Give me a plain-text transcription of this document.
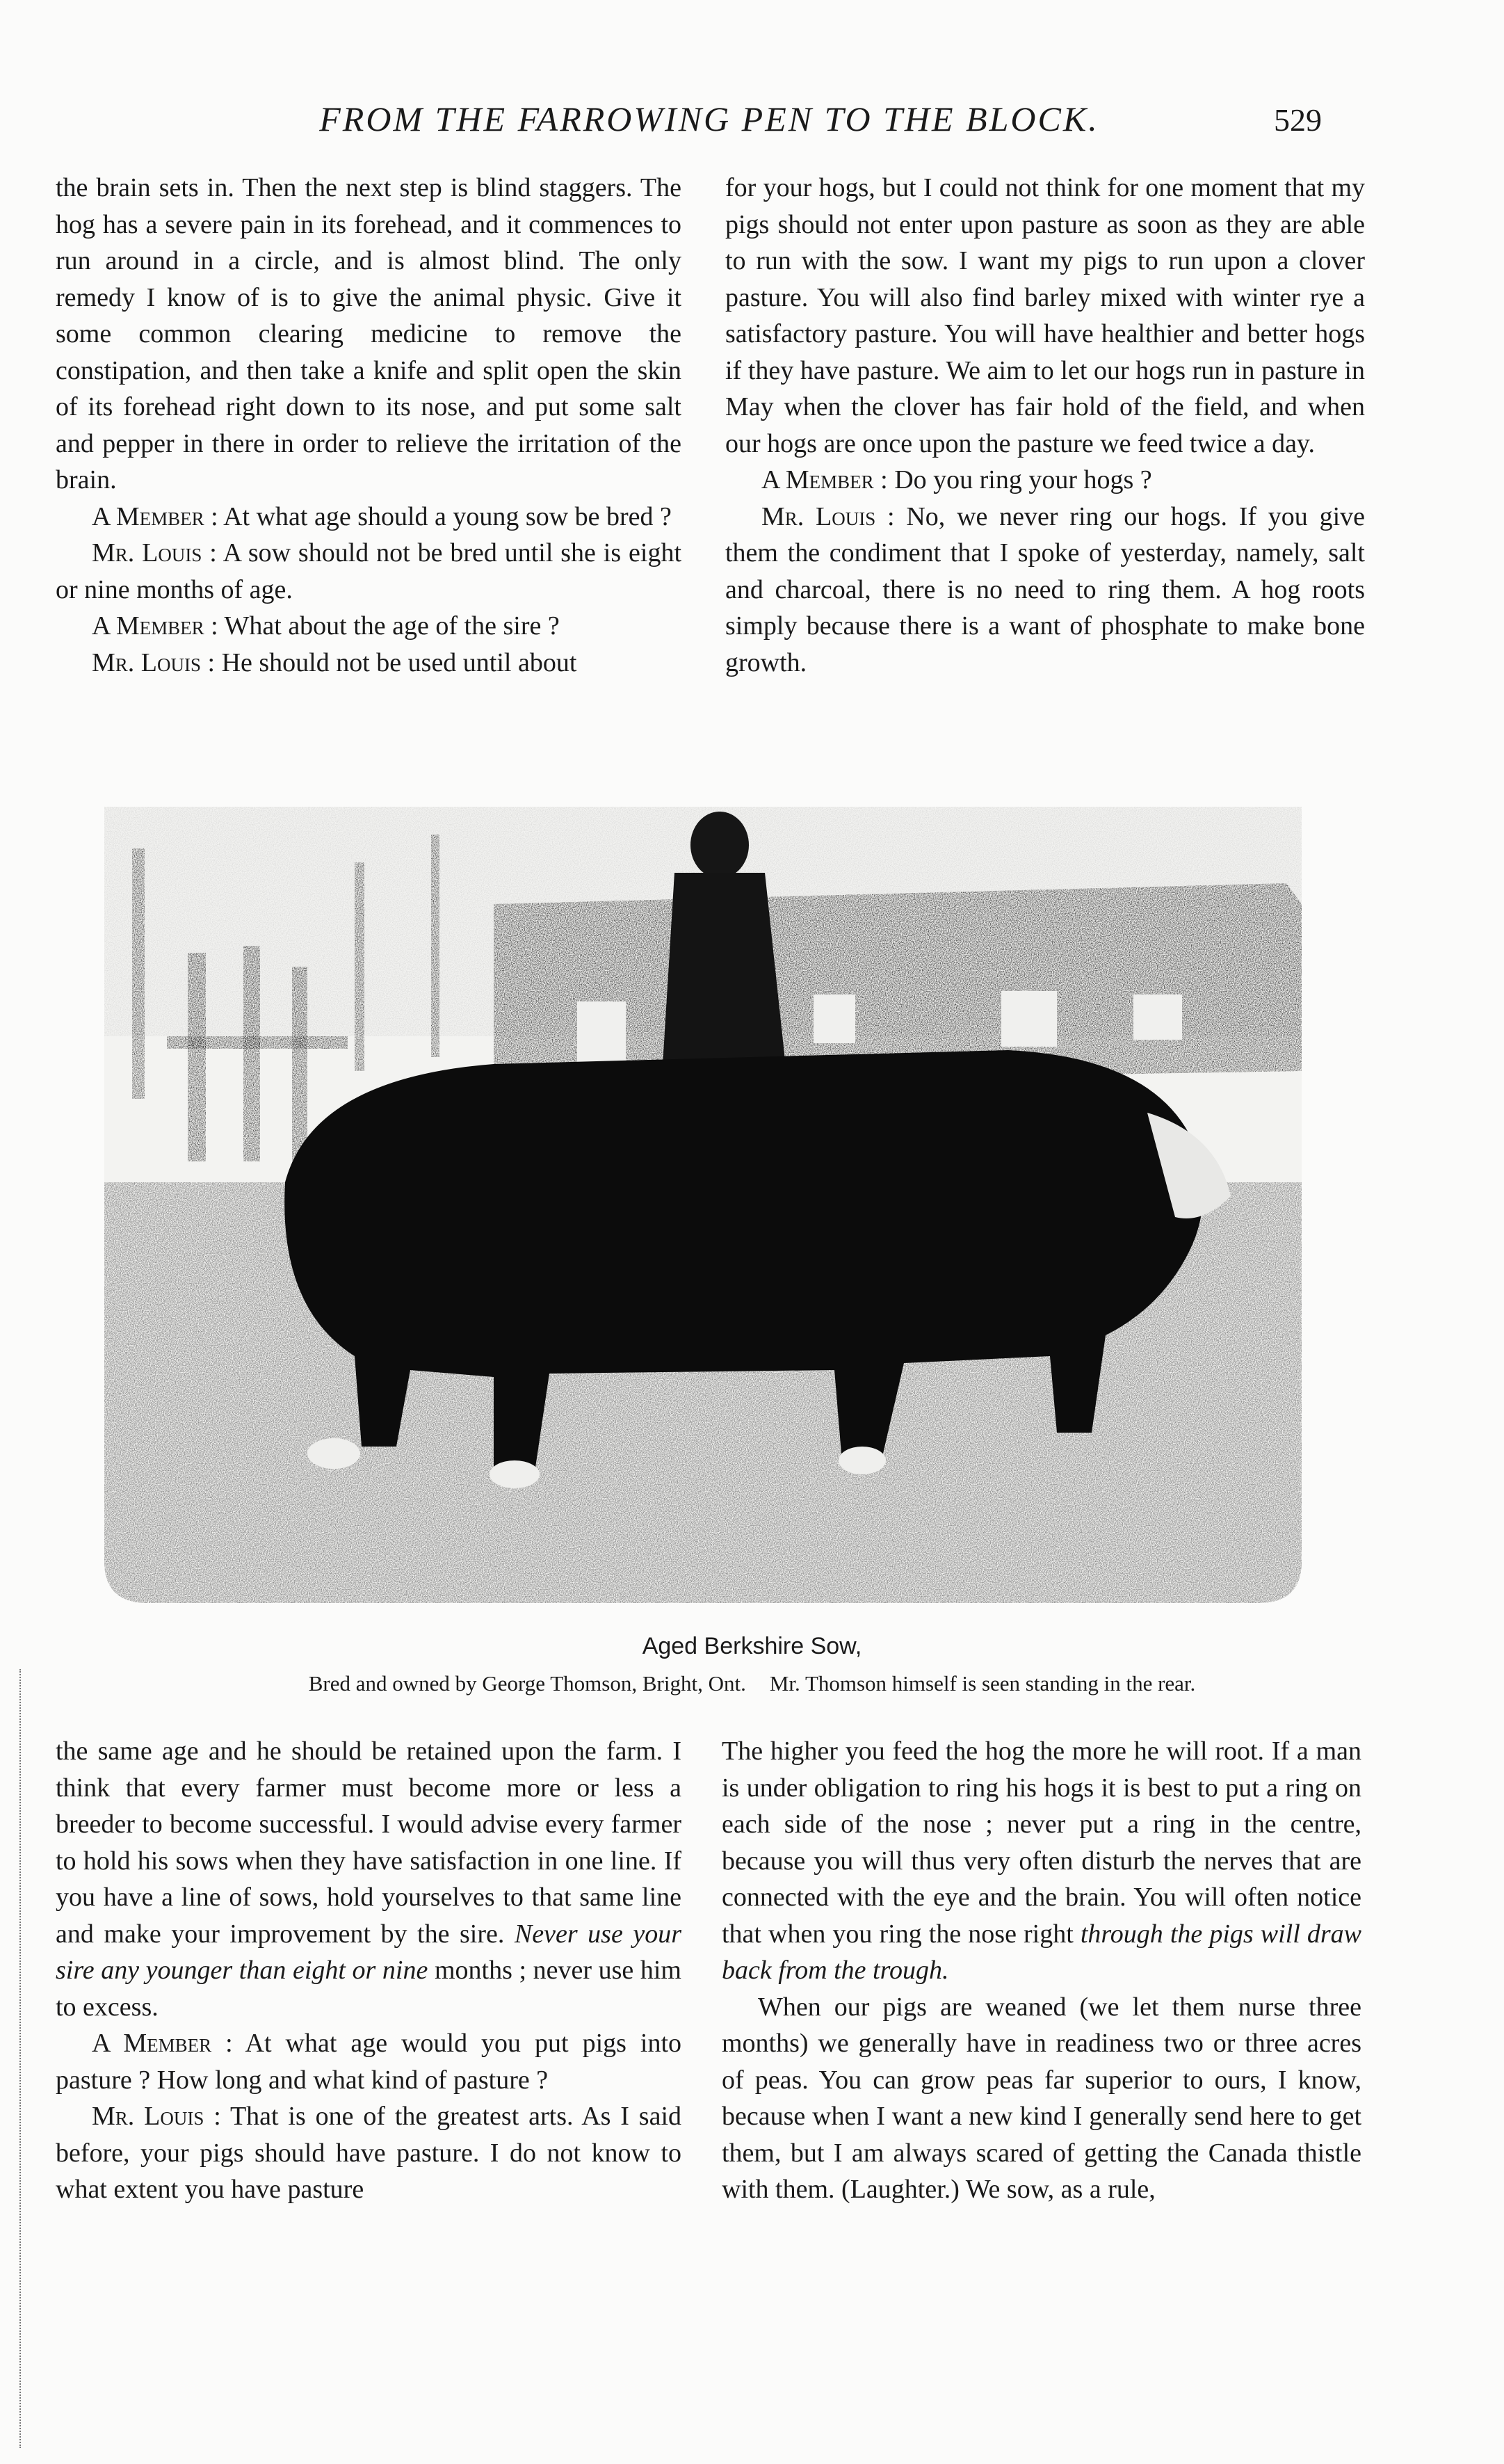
FROM THE FARROWING PEN TO THE BLOCK.	529

the brain sets in. Then the next step is blind staggers. The hog has a severe pain in its forehead, and it commences to run around in a circle, and is almost blind. The only remedy I know of is to give the animal physic. Give it some common clearing medicine to remove the constipation, and then take a knife and split open the skin of its forehead right down to its nose, and put some salt and pepper in there in order to relieve the irritation of the brain.

A Member : At what age should a young sow be bred ?

Mr. Louis : A sow should not be bred until she is eight or nine months of age.

A Member : What about the age of the sire ?

Mr. Louis : He should not be used until about

for your hogs, but I could not think for one moment that my pigs should not enter upon pasture as soon as they are able to run with the sow. I want my pigs to run upon a clover pasture. You will also find barley mixed with winter rye a satisfactory pasture. You will have healthier and better hogs if they have pasture. We aim to let our hogs run in pasture in May when the clover has fair hold of the field, and when our hogs are once upon the pasture we feed twice a day.

A Member : Do you ring your hogs ?

Mr. Louis : No, we never ring our hogs. If you give them the condiment that I spoke of yesterday, namely, salt and charcoal, there is no need to ring them. A hog roots simply because there is a want of phosphate to make bone growth.

Aged Berkshire Sow,
Bred and owned by George Thomson, Bright, Ont. Mr. Thomson himself is seen standing in the rear.

the same age and he should be retained upon the farm. I think that every farmer must become more or less a breeder to become successful. I would advise every farmer to hold his sows when they have satisfaction in one line. If you have a line of sows, hold yourselves to that same line and make your improvement by the sire. Never use your sire any younger than eight or nine months ; never use him to excess.

A Member : At what age would you put pigs into pasture ? How long and what kind of pasture ?

Mr. Louis : That is one of the greatest arts. As I said before, your pigs should have pasture. I do not know to what extent you have pasture

The higher you feed the hog the more he will root. If a man is under obligation to ring his hogs it is best to put a ring on each side of the nose ; never put a ring in the centre, because you will thus very often disturb the nerves that are connected with the eye and the brain. You will often notice that when you ring the nose right through the pigs will draw back from the trough.

When our pigs are weaned (we let them nurse three months) we generally have in readiness two or three acres of peas. You can grow peas far superior to ours, I know, because when I want a new kind I generally send here to get them, but I am always scared of getting the Canada thistle with them. (Laughter.) We sow, as a rule,
